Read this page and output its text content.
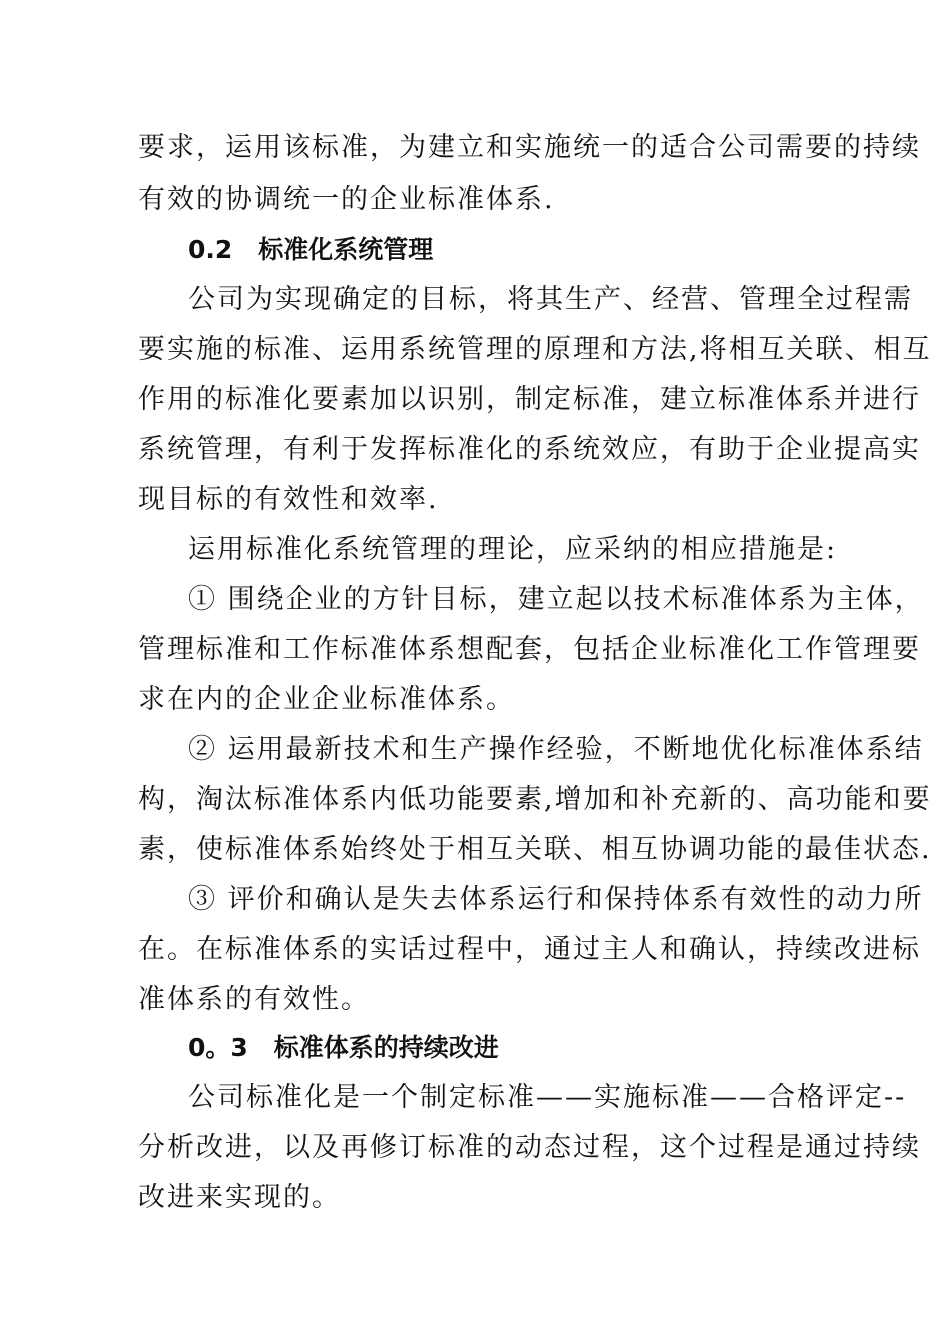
要求，运用该标准，为建立和实施统一的适合公司需要的持续
有效的协调统一的企业标准体系.
0.2 标准化系统管理
公司为实现确定的目标，将其生产、经营、管理全过程需
要实施的标准、运用系统管理的原理和方法,将相互关联、相互
作用的标准化要素加以识别，制定标准，建立标准体系并进行
系统管理，有利于发挥标准化的系统效应，有助于企业提高实
现目标的有效性和效率.
运用标准化系统管理的理论，应采纳的相应措施是:
① 围绕企业的方针目标，建立起以技术标准体系为主体，
管理标准和工作标准体系想配套，包括企业标准化工作管理要
求在内的企业企业标准体系。
② 运用最新技术和生产操作经验，不断地优化标准体系结
构，淘汰标准体系内低功能要素,增加和补充新的、高功能和要
素，使标准体系始终处于相互关联、相互协调功能的最佳状态.
③ 评价和确认是失去体系运行和保持体系有效性的动力所
在。在标准体系的实话过程中，通过主人和确认，持续改进标
准体系的有效性。
0。3 标准体系的持续改进
公司标准化是一个制定标准——实施标准——合格评定--
分析改进，以及再修订标准的动态过程，这个过程是通过持续
改进来实现的。
